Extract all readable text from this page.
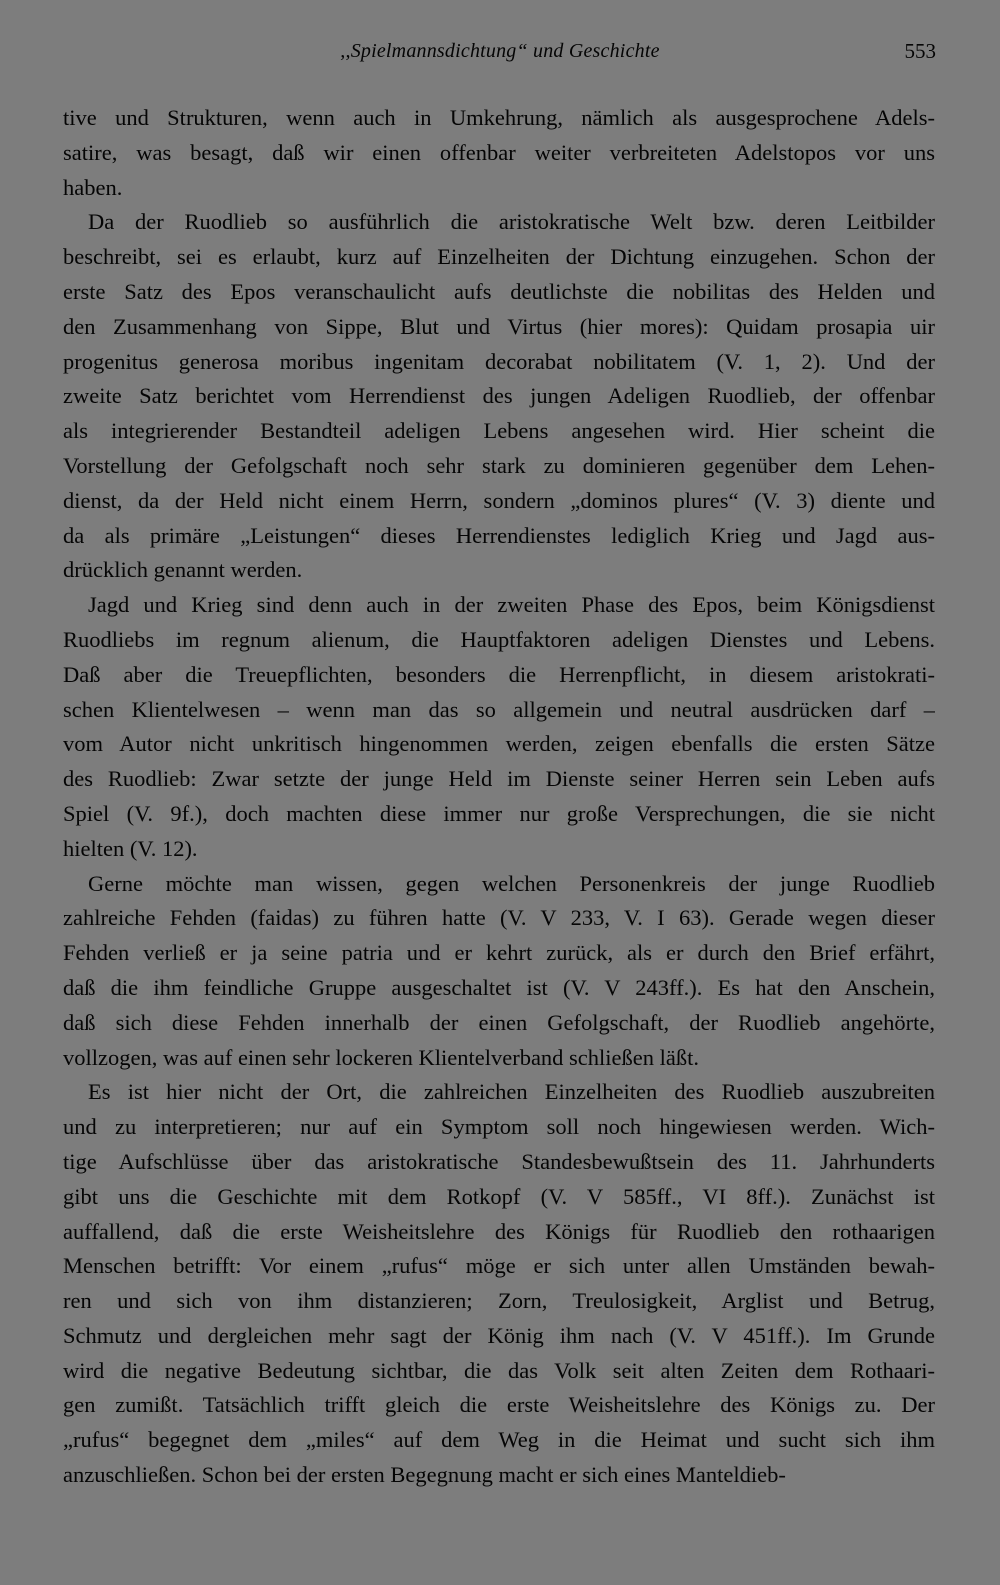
,,Spielmannsdichtung“ und Geschichte	553
tive und Strukturen, wenn auch in Umkehrung, nämlich als ausgesprochene Adels-
satire, was besagt, daß wir einen offenbar weiter verbreiteten Adelstopos vor uns
haben.
Da der Ruodlieb so ausführlich die aristokratische Welt bzw. deren Leitbilder
beschreibt, sei es erlaubt, kurz auf Einzelheiten der Dichtung einzugehen. Schon der
erste Satz des Epos veranschaulicht aufs deutlichste die nobilitas des Helden und
den Zusammenhang von Sippe, Blut und Virtus (hier mores): Quidam prosapia uir
progenitus generosa moribus ingenitam decorabat nobilitatem (V. 1, 2). Und der
zweite Satz berichtet vom Herrendienst des jungen Adeligen Ruodlieb, der offenbar
als integrierender Bestandteil adeligen Lebens angesehen wird. Hier scheint die
Vorstellung der Gefolgschaft noch sehr stark zu dominieren gegenüber dem Lehen-
dienst, da der Held nicht einem Herrn, sondern „dominos plures“ (V. 3) diente und
da als primäre „Leistungen“ dieses Herrendienstes lediglich Krieg und Jagd aus-
drücklich genannt werden.
Jagd und Krieg sind denn auch in der zweiten Phase des Epos, beim Königsdienst
Ruodliebs im regnum alienum, die Hauptfaktoren adeligen Dienstes und Lebens.
Daß aber die Treuepflichten, besonders die Herrenpflicht, in diesem aristokrati-
schen Klientelwesen – wenn man das so allgemein und neutral ausdrücken darf –
vom Autor nicht unkritisch hingenommen werden, zeigen ebenfalls die ersten Sätze
des Ruodlieb: Zwar setzte der junge Held im Dienste seiner Herren sein Leben aufs
Spiel (V. 9f.), doch machten diese immer nur große Versprechungen, die sie nicht
hielten (V. 12).
Gerne möchte man wissen, gegen welchen Personenkreis der junge Ruodlieb
zahlreiche Fehden (faidas) zu führen hatte (V. V 233, V. I 63). Gerade wegen dieser
Fehden verließ er ja seine patria und er kehrt zurück, als er durch den Brief erfährt,
daß die ihm feindliche Gruppe ausgeschaltet ist (V. V 243ff.). Es hat den Anschein,
daß sich diese Fehden innerhalb der einen Gefolgschaft, der Ruodlieb angehörte,
vollzogen, was auf einen sehr lockeren Klientelverband schließen läßt.
Es ist hier nicht der Ort, die zahlreichen Einzelheiten des Ruodlieb auszubreiten
und zu interpretieren; nur auf ein Symptom soll noch hingewiesen werden. Wich-
tige Aufschlüsse über das aristokratische Standesbewußtsein des 11. Jahrhunderts
gibt uns die Geschichte mit dem Rotkopf (V. V 585ff., VI 8ff.). Zunächst ist
auffallend, daß die erste Weisheitslehre des Königs für Ruodlieb den rothaarigen
Menschen betrifft: Vor einem „rufus“ möge er sich unter allen Umständen bewah-
ren und sich von ihm distanzieren; Zorn, Treulosigkeit, Arglist und Betrug,
Schmutz und dergleichen mehr sagt der König ihm nach (V. V 451ff.). Im Grunde
wird die negative Bedeutung sichtbar, die das Volk seit alten Zeiten dem Rothaari-
gen zumißt. Tatsächlich trifft gleich die erste Weisheitslehre des Königs zu. Der
„rufus“ begegnet dem „miles“ auf dem Weg in die Heimat und sucht sich ihm
anzuschließen. Schon bei der ersten Begegnung macht er sich eines Manteldieb-
